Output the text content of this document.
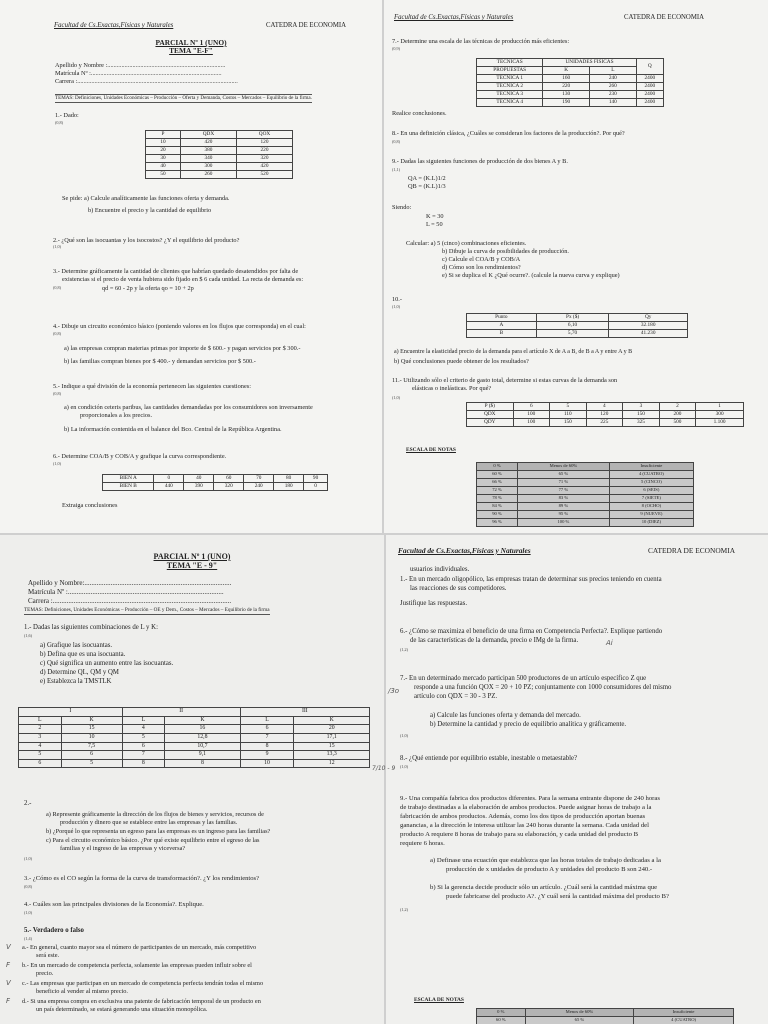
Facultad de Cs.Exactas,Físicas y Naturales	CATEDRA DE ECONOMIA
PARCIAL Nº 1 (UNO)
TEMA "E-F"
Apellido y Nombre :...........................................................................
Matrícula Nº :...................................................................................
Carrera :......................................................................................................
TEMAS: Definiciones, Unidades Económicas – Producción – Oferta y Demanda, Costos – Mercados – Equilibrio de la firma.
1.- Dado:
(0,8)
P	QDX	QOX
10	420	120
20	380	220
30	340	320
40	300	420
50	260	520
Se pide: a) Calcule analíticamente las funciones oferta y demanda.
b) Encuentre el precio y la cantidad de equilibrio
2.- ¿Qué son las isocuantas y los isocostos? ¿Y el equilibrio del producto?
(1,0)
3.- Determine gráficamente la cantidad de clientes que habrían quedado desatendidos por falta de
existencias si el precio de venta hubiera sido fijado en $ 6 cada unidad. La recta de demanda es:
qd = 60 - 2p y la oferta qo = 10 + 2p
(0,8)
4.- Dibuje un circuito económico básico (poniendo valores en los flujos que corresponda) en el cual:
(0,8)
a) las empresas compran materias primas por importe de $ 600.- y pagan servicios por $ 300.-
b) las familias compran bienes por $ 400.- y demandan servicios por $ 500.-
5.- Indique a qué división de la economía pertenecen las siguientes cuestiones:
(0,8)
a) en condición ceteris paribus, las cantidades demandadas por los consumidores son inversamente
proporcionales a los precios.
b) La información contenida en el balance del Bco. Central de la República Argentina.
6.- Determine COA/B y COB/A y grafique la curva correspondiente.
(1,0)
BIEN A	0	40	60	70	80	90
BIEN B	440	390	320	240	180	0
Extraiga conclusiones
Facultad de Cs.Exactas,Físicas y Naturales	CATEDRA DE ECONOMIA
7.- Determine una escala de las técnicas de producción más eficientes:
(0,9)
TECNICAS	UNIDADES FISICAS		Q
PROPUESTAS	K	L	
TECNICA 1	160	240	2400
TECNICA 2	220	260	2400
TECNICA 3	130	230	2400
TECNICA 4	190	140	2400
Realice conclusiones.
8.- En una definición clásica, ¿Cuáles se consideran los factores de la producción?. Por qué?
(0,8)
9.- Dadas las siguientes funciones de producción de dos bienes A y B.
(1,1)
QA = (K.L)1/2
QB = (K.L)1/3
Siendo:
K = 30
L = 50
Calcular: a) 5 (cinco) combinaciones eficientes.
b) Dibuje la curva de posibilidades de producción.
c) Calcule el COA/B y COB/A
d) Cómo son los rendimientos?
e) Si se duplica el K ¿Qué ocurre?. (calcule la nueva curva y explique)
10.-
(1,0)
Punto	Px ($)	Qy
A	6,10	32.180
B	5,70	41.230
a) Encuentre la elasticidad precio de la demanda para el artículo X de A a B, de B a A y entre A y B
b) Qué conclusiones puede obtener de los resultados?
11.- Utilizando sólo el criterio de gasto total, determine si estas curvas de la demanda son
elásticas o inelásticas. Por qué?
(1,0)
P ($)	6	5	4	3	2	1
QDX	100	110	120	150	200	300
QDY	100	150	225	325	500	1.100
ESCALA DE NOTAS
0 %	Menos de 60%	Insuficiente
60 %	65 %	4 (CUATRO)
66 %	71 %	5 (CINCO)
72 %	77 %	6 (SEIS)
78 %	83 %	7 (SIETE)
84 %	89 %	8 (OCHO)
90 %	95 %	9 (NUEVE)
96 %	100 %	10 (DIEZ)
PARCIAL Nº 1 (UNO)
TEMA "E - 9"
Apellido y Nombre:....................................................................................
Matrícula Nº :.........................................................................................
Carrera :......................................................................................................
TEMAS: Definiciones, Unidades Económicas – Producción – OE y Dem., Costos – Mercados – Equilibrio de la firma
1.- Dadas las siguientes combinaciones de L y K:
(1,6)
a) Grafique las isocuantas.
b) Defina que es una isocuanta.
c) Qué significa un aumento entre las isocuantas.
d) Determine QL, QM y QM
e) Establezca la TMSTLK
I		II		III	
L	K	L	K	L	K
2	15	4	16	6	20
3	10	5	12,8	7	17,1
4	7,5	6	10,7	8	15
5	6	7	9,1	9	13,3
6	5	8	8	10	12
2.-
a) Represente gráficamente la dirección de los flujos de bienes y servicios, recursos de
producción y dinero que se establece entre las empresas y las familias.
b) ¿Porqué lo que representa un egreso para las empresas es un ingreso para las familias?
c) Para el circuito económico básico. ¿Por qué existe equilibrio entre el egreso de las
familias y el ingreso de las empresas y viceversa?
(1,0)
3.- ¿Cómo es el CO según la forma de la curva de transformación?. ¿Y los rendimientos?
(0,8)
4.- Cuáles son las principales divisiones de la Economía?. Explique.
(1,0)
5.- Verdadero o falso
(1,4)
V a.- En general, cuanto mayor sea el número de participantes de un mercado, más competitivo
será este.
F b.- En un mercado de competencia perfecta, solamente las empresas pueden influir sobre el
precio.
V c.- Las empresas que participan en un mercado de competencia perfecta tendrán todas el mismo
beneficio al vender al mismo precio.
F d.- Si una empresa compra en exclusiva una patente de fabricación temporal de un producto en
un país determinado, se estará generando una situación monopólica.
Facultad de Cs.Exactas,Físicas y Naturales	CATEDRA DE ECONOMIA
usuarios individuales.
1.- En un mercado oligopólico, las empresas tratan de determinar sus precios teniendo en cuenta
las reacciones de sus competidores.
Justifique las respuestas.
6.- ¿Cómo se maximiza el beneficio de una firma en Competencia Perfecta?. Explique partiendo
de las características de la demanda, precio e IMg de la firma.
(1,2)
7.- En un determinado mercado participan 500 productores de un artículo específico Z que
responde a una función QOX = 20 + 10 PZ; conjuntamente con 1000 consumidores del mismo
artículo con QDX = 30 - 3 PZ.
/3o
a) Calcule las funciones oferta y demanda del mercado.
b) Determine la cantidad y precio de equilibrio analítica y gráficamente.
(1,0)
8.- ¿Qué entiende por equilibrio estable, inestable o metaestable?
(1,0)
9.- Una compañía fabrica dos productos diferentes. Para la semana entrante dispone de 240 horas
de trabajo destinadas a la elaboración de ambos productos. Puede asignar horas de trabajo a la
fabricación de ambos productos. Además, como los dos tipos de producción aportan buenas
ganancias, a la dirección le interesa utilizar las 240 horas durante la semana. Cada unidad del
producto A requiere 8 horas de trabajo para su elaboración, y cada unidad del producto B
requiere 6 horas.
a) Definase una ecuación que establezca que las horas totales de trabajo dedicadas a la
producción de x unidades de producto A y unidades del producto B son 240.-
b) Si la gerencia decide producir sólo un artículo. ¿Cuál será la cantidad máxima que
puede fabricarse del producto A?. ¿Y cuál será la cantidad máxima del producto B?
(1,2)
Ai
ESCALA DE NOTAS
0 %	Menos de 60%	Insuficiente
60 %	65 %	4 (CUATRO)
7/10 - 9
